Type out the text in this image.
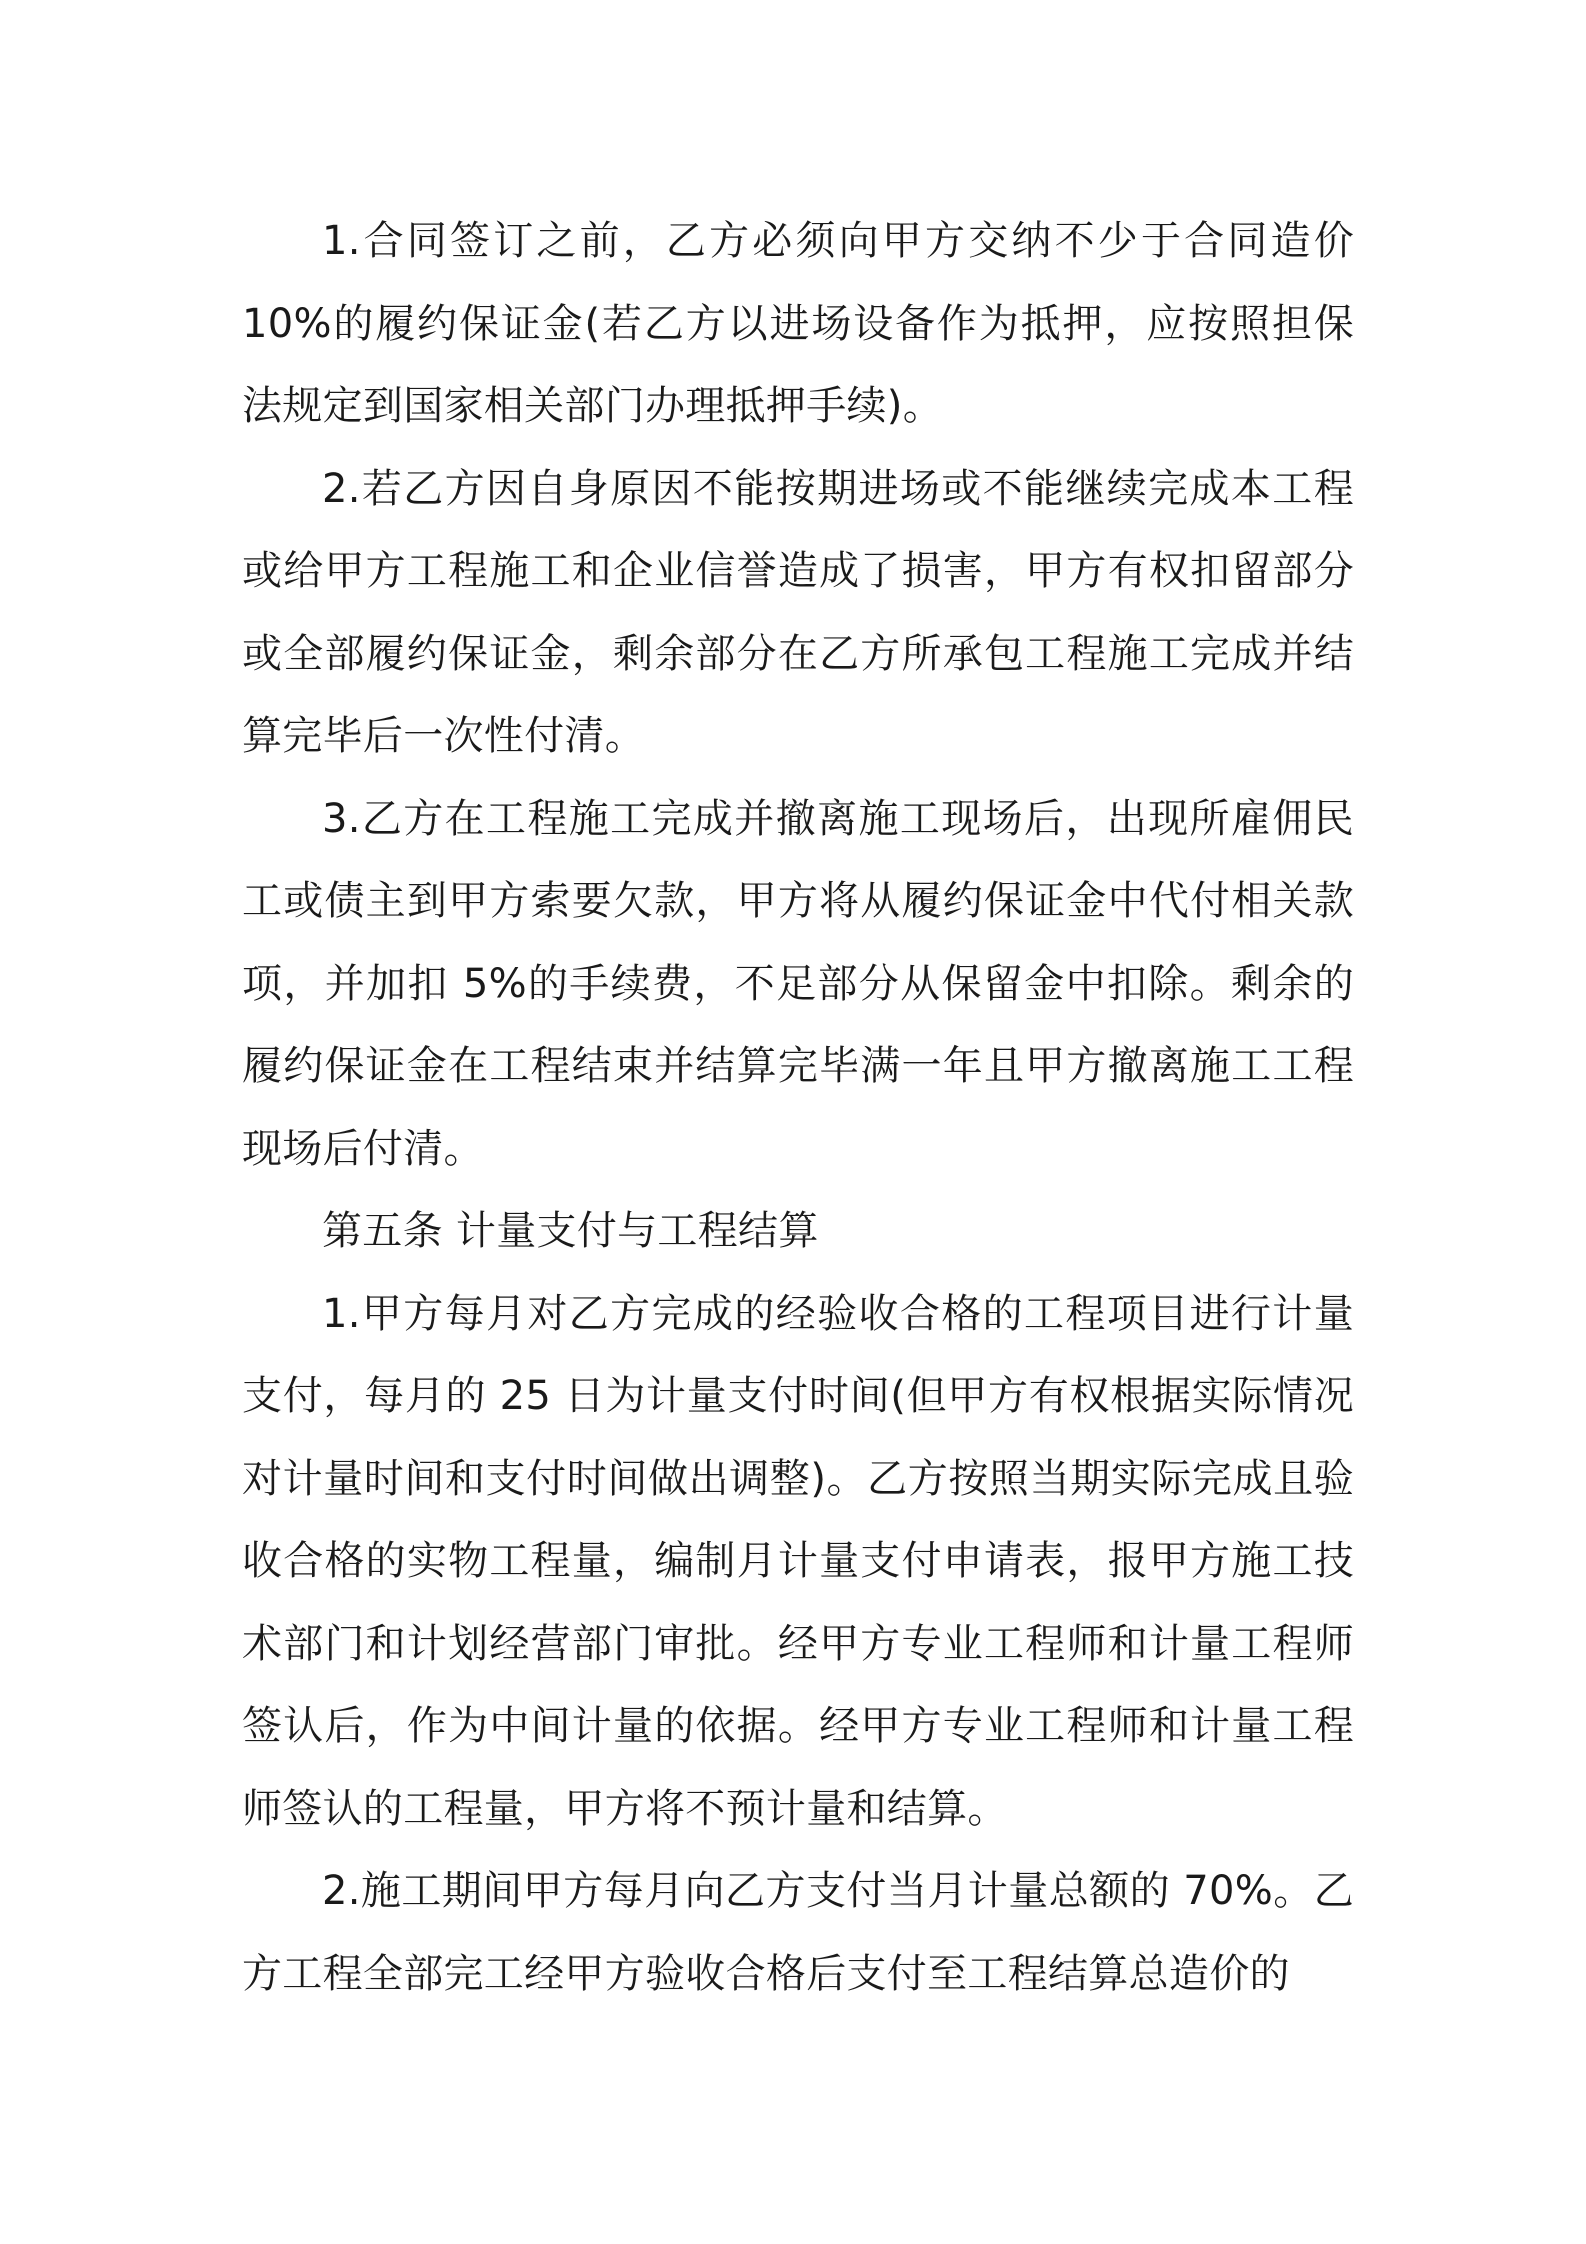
1.合同签订之前，乙方必须向甲方交纳不少于合同造价 10%的履约保证金(若乙方以进场设备作为抵押，应按照担保法规定到国家相关部门办理抵押手续)。

2.若乙方因自身原因不能按期进场或不能继续完成本工程或给甲方工程施工和企业信誉造成了损害，甲方有权扣留部分或全部履约保证金，剩余部分在乙方所承包工程施工完成并结算完毕后一次性付清。

3.乙方在工程施工完成并撤离施工现场后，出现所雇佣民工或债主到甲方索要欠款，甲方将从履约保证金中代付相关款项，并加扣 5%的手续费，不足部分从保留金中扣除。剩余的履约保证金在工程结束并结算完毕满一年且甲方撤离施工工程现场后付清。

第五条 计量支付与工程结算

1.甲方每月对乙方完成的经验收合格的工程项目进行计量支付，每月的 25 日为计量支付时间(但甲方有权根据实际情况对计量时间和支付时间做出调整)。乙方按照当期实际完成且验收合格的实物工程量，编制月计量支付申请表，报甲方施工技术部门和计划经营部门审批。经甲方专业工程师和计量工程师签认后，作为中间计量的依据。经甲方专业工程师和计量工程师签认的工程量，甲方将不预计量和结算。

2.施工期间甲方每月向乙方支付当月计量总额的 70%。乙方工程全部完工经甲方验收合格后支付至工程结算总造价的
